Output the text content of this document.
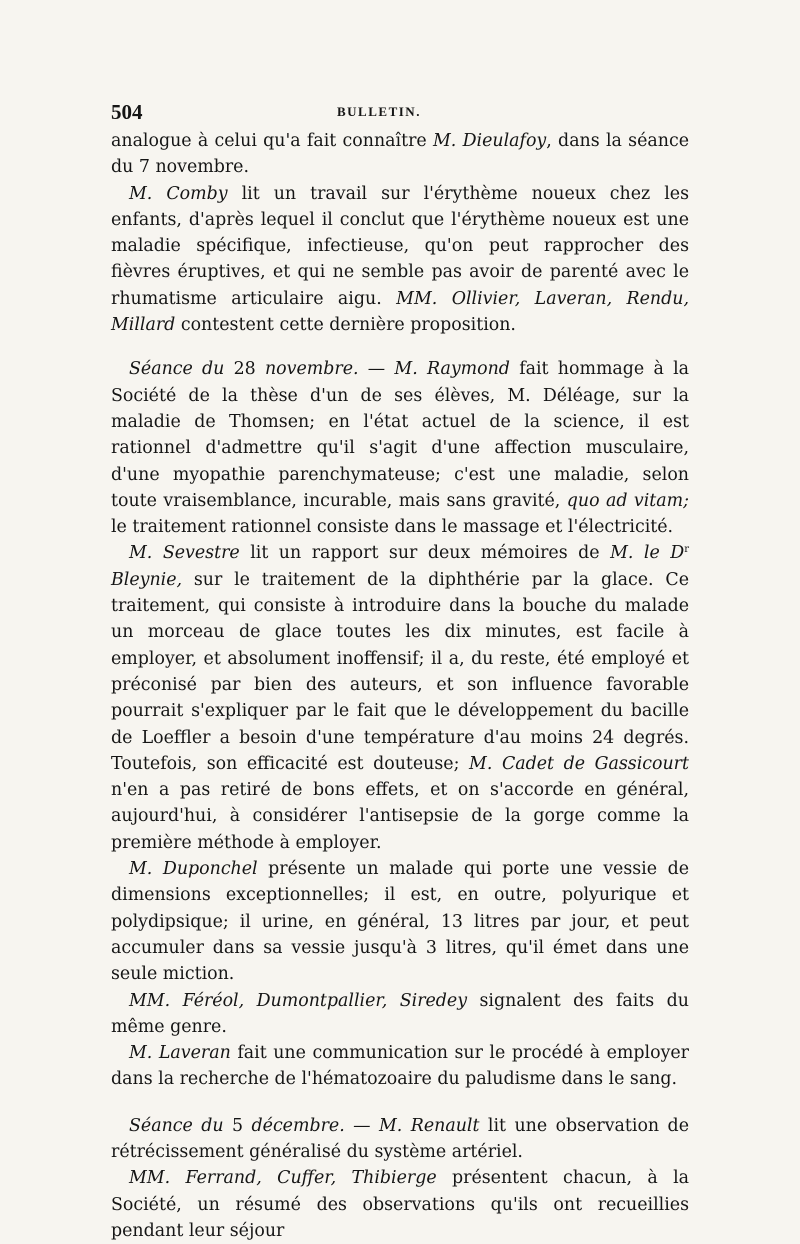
504	BULLETIN.

analogue à celui qu'a fait connaître M. Dieulafoy, dans la séance du 7 novembre.

M. Comby lit un travail sur l'érythème noueux chez les enfants, d'après lequel il conclut que l'érythème noueux est une maladie spécifique, infectieuse, qu'on peut rapprocher des fièvres éruptives, et qui ne semble pas avoir de parenté avec le rhumatisme articulaire aigu. MM. Ollivier, Laveran, Rendu, Millard contestent cette dernière proposition.

Séance du 28 novembre. — M. Raymond fait hommage à la Société de la thèse d'un de ses élèves, M. Déléage, sur la maladie de Thomsen; en l'état actuel de la science, il est rationnel d'admettre qu'il s'agit d'une affection musculaire, d'une myopathie parenchymateuse; c'est une maladie, selon toute vraisemblance, incurable, mais sans gravité, quo ad vitam; le traitement rationnel consiste dans le massage et l'électricité.

M. Sevestre lit un rapport sur deux mémoires de M. le $D^r$ Bleynie, sur le traitement de la diphthérie par la glace. Ce traitement, qui consiste à introduire dans la bouche du malade un morceau de glace toutes les dix minutes, est facile à employer, et absolument inoffensif; il a, du reste, été employé et préconisé par bien des auteurs, et son influence favorable pourrait s'expliquer par le fait que le développement du bacille de Loeffler a besoin d'une température d'au moins 24 degrés. Toutefois, son efficacité est douteuse; M. Cadet de Gassicourt n'en a pas retiré de bons effets, et on s'accorde en général, aujourd'hui, à considérer l'antisepsie de la gorge comme la première méthode à employer.

M. Duponchel présente un malade qui porte une vessie de dimensions exceptionnelles; il est, en outre, polyurique et polydipsique; il urine, en général, 13 litres par jour, et peut accumuler dans sa vessie jusqu'à 3 litres, qu'il émet dans une seule miction.

MM. Féréol, Dumontpallier, Siredey signalent des faits du même genre.

M. Laveran fait une communication sur le procédé à employer dans la recherche de l'hématozoaire du paludisme dans le sang.

Séance du 5 décembre. — M. Renault lit une observation de rétrécissement généralisé du système artériel.

MM. Ferrand, Cuffer, Thibierge présentent chacun, à la Société, un résumé des observations qu'ils ont recueillies pendant leur séjour
